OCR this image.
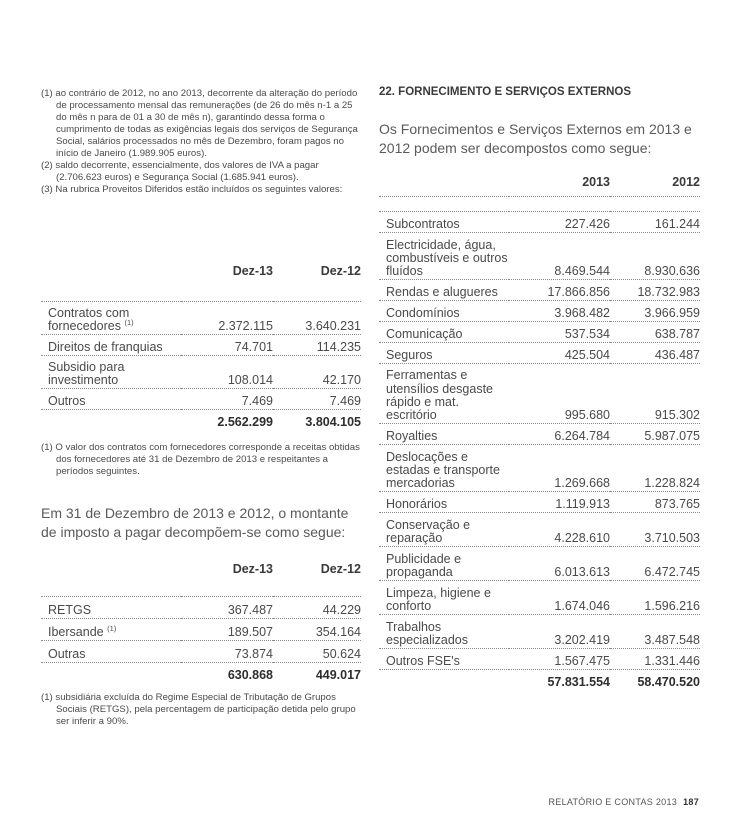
(1) ao contrário de 2012, no ano 2013, decorrente da alteração do período de processamento mensal das remunerações (de 26 do mês n-1 a 25 do mês n para de 01 a 30 de mês n), garantindo dessa forma o cumprimento de todas as exigências legais dos serviços de Segurança Social, salários processados no mês de Dezembro, foram pagos no início de Janeiro (1.989.905 euros).
(2) saldo decorrente, essencialmente, dos valores de IVA a pagar (2.706.623 euros) e Segurança Social (1.685.941 euros).
(3) Na rubrica Proveitos Diferidos estão incluídos os seguintes valores:
	Dez-13	Dez-12

Contratos com fornecedores $^{(1)}$	2.372.115	3.640.231
Direitos de franquias	74.701	114.235
Subsidio para investimento	108.014	42.170
Outros	7.469	7.469
	2.562.299	3.804.105
(1) O valor dos contratos com fornecedores corresponde a receitas obtidas dos fornecedores até 31 de Dezembro de 2013 e respeitantes a períodos seguintes.
Em 31 de Dezembro de 2013 e 2012, o montante de imposto a pagar decompõem-se como segue:
	Dez-13	Dez-12

RETGS	367.487	44.229
Ibersande $^{(1)}$	189.507	354.164
Outras	73.874	50.624
	630.868	449.017
(1) subsidiária excluída do Regime Especial de Tributação de Grupos Sociais (RETGS), pela percentagem de participação detida pelo grupo ser inferir a 90%.
22. FORNECIMENTO E SERVIÇOS EXTERNOS
Os Fornecimentos e Serviços Externos em 2013 e 2012 podem ser decompostos como segue:
	2013	2012

Subcontratos	227.426	161.244
Electricidade, água, combustíveis e outros fluídos	8.469.544	8.930.636
Rendas e alugueres	17.866.856	18.732.983
Condomínios	3.968.482	3.966.959
Comunicação	537.534	638.787
Seguros	425.504	436.487
Ferramentas e utensílios desgaste rápido e mat. escritório	995.680	915.302
Royalties	6.264.784	5.987.075
Deslocações e estadas e transporte mercadorias	1.269.668	1.228.824
Honorários	1.119.913	873.765
Conservação e reparação	4.228.610	3.710.503
Publicidade e propaganda	6.013.613	6.472.745
Limpeza, higiene e conforto	1.674.046	1.596.216
Trabalhos especializados	3.202.419	3.487.548
Outros FSE's	1.567.475	1.331.446
	57.831.554	58.470.520
RELATÓRIO E CONTAS 2013 187
